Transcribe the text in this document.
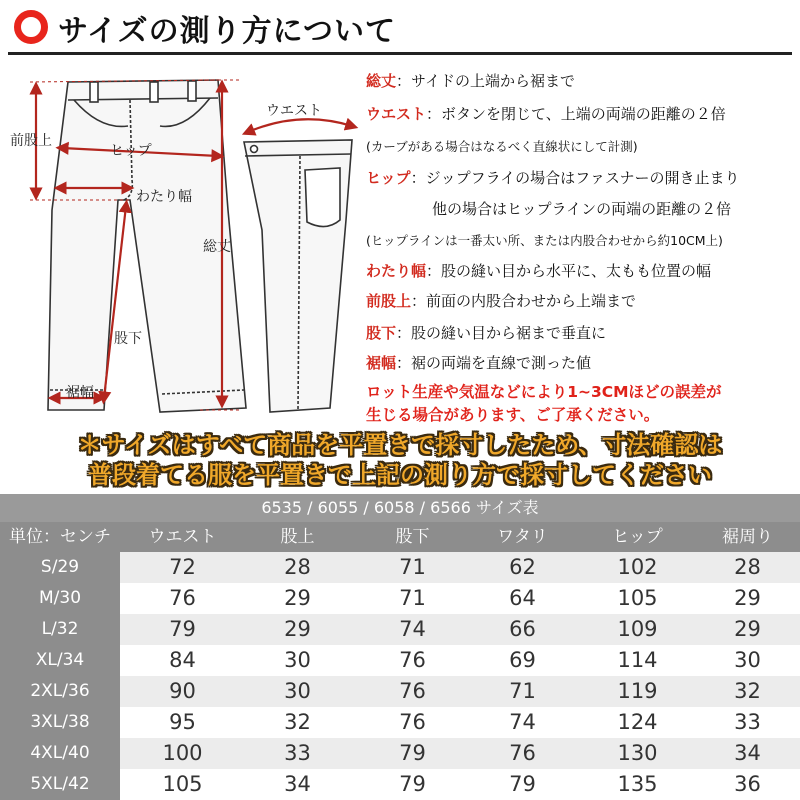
サイズの測り方について
前股上
ヒップ
わたり幅
総丈
股下
裾幅
ウエスト
総丈：サイドの上端から裾まで
ウエスト：ボタンを閉じて、上端の両端の距離の２倍
(カーブがある場合はなるべく直線状にして計測)
ヒップ：ジップフライの場合はファスナーの開き止まり
他の場合はヒップラインの両端の距離の２倍
(ヒップラインは一番太い所、または内股合わせから約10CM上)
わたり幅：股の縫い目から水平に、太もも位置の幅
前股上：前面の内股合わせから上端まで
股下：股の縫い目から裾まで垂直に
裾幅：裾の両端を直線で測った値
ロット生産や気温などにより1~3CMほどの誤差が
生じる場合があります、ご了承ください。
＊サイズはすべて商品を平置きで採寸したため、寸法確認は
普段着てる服を平置きで上記の測り方で採寸してください
6535 / 6055 / 6058 / 6566 サイズ表
単位：センチ	ウエスト	股上	股下	ワタリ	ヒップ	裾周り
S/29	72	28	71	62	102	28
M/30	76	29	71	64	105	29
L/32	79	29	74	66	109	29
XL/34	84	30	76	69	114	30
2XL/36	90	30	76	71	119	32
3XL/38	95	32	76	74	124	33
4XL/40	100	33	79	76	130	34
5XL/42	105	34	79	79	135	36
